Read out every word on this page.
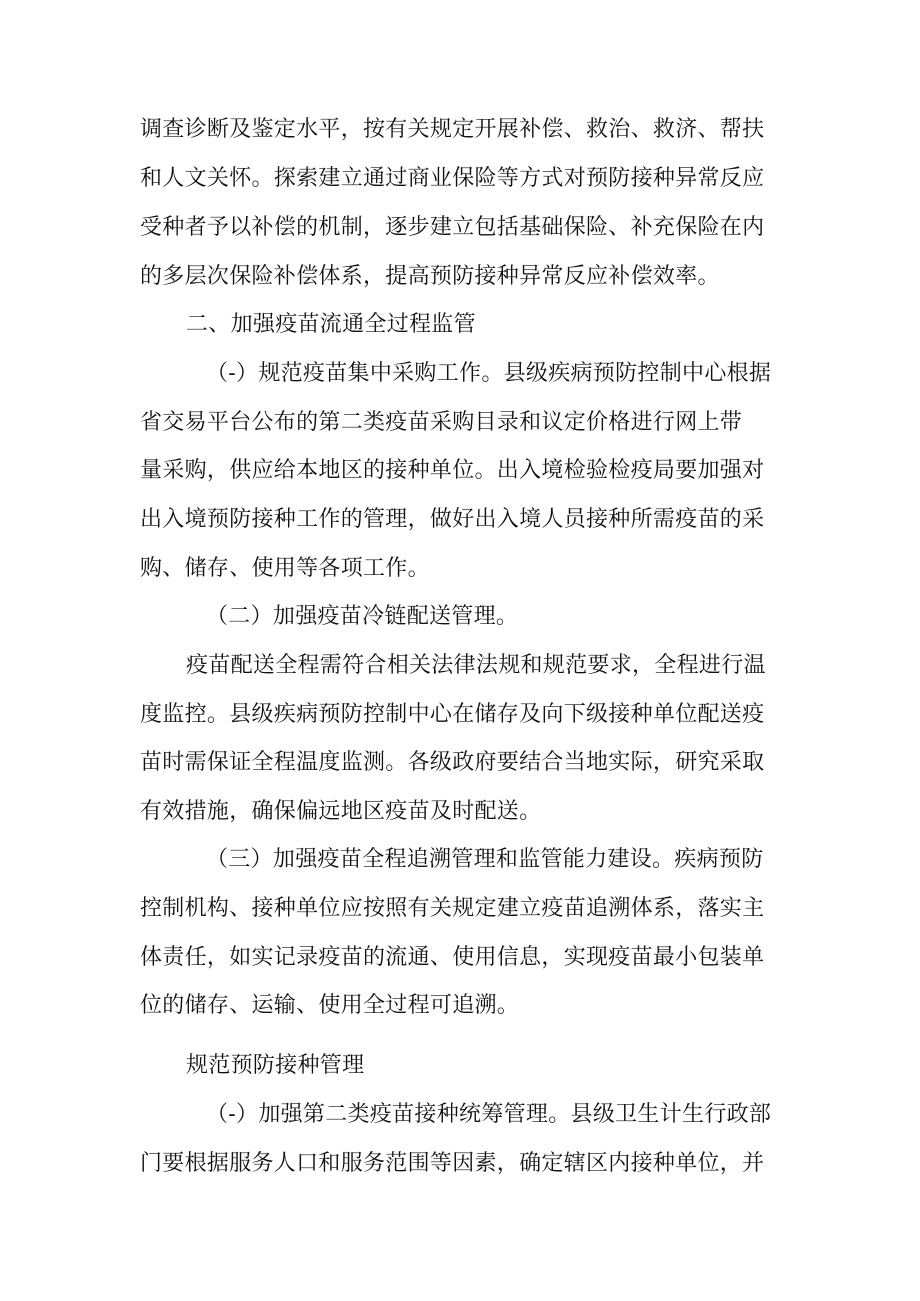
调查诊断及鉴定水平，按有关规定开展补偿、救治、救济、帮扶
和人文关怀。探索建立通过商业保险等方式对预防接种异常反应
受种者予以补偿的机制，逐步建立包括基础保险、补充保险在内
的多层次保险补偿体系，提高预防接种异常反应补偿效率。
二、加强疫苗流通全过程监管
（-）规范疫苗集中采购工作。县级疾病预防控制中心根据
省交易平台公布的第二类疫苗采购目录和议定价格进行网上带
量采购，供应给本地区的接种单位。出入境检验检疫局要加强对
出入境预防接种工作的管理，做好出入境人员接种所需疫苗的采
购、储存、使用等各项工作。
（二）加强疫苗冷链配送管理。
疫苗配送全程需符合相关法律法规和规范要求，全程进行温
度监控。县级疾病预防控制中心在储存及向下级接种单位配送疫
苗时需保证全程温度监测。各级政府要结合当地实际，研究采取
有效措施，确保偏远地区疫苗及时配送。
（三）加强疫苗全程追溯管理和监管能力建设。疾病预防
控制机构、接种单位应按照有关规定建立疫苗追溯体系，落实主
体责任，如实记录疫苗的流通、使用信息，实现疫苗最小包装单
位的储存、运输、使用全过程可追溯。
规范预防接种管理
（-）加强第二类疫苗接种统筹管理。县级卫生计生行政部
门要根据服务人口和服务范围等因素，确定辖区内接种单位，并
